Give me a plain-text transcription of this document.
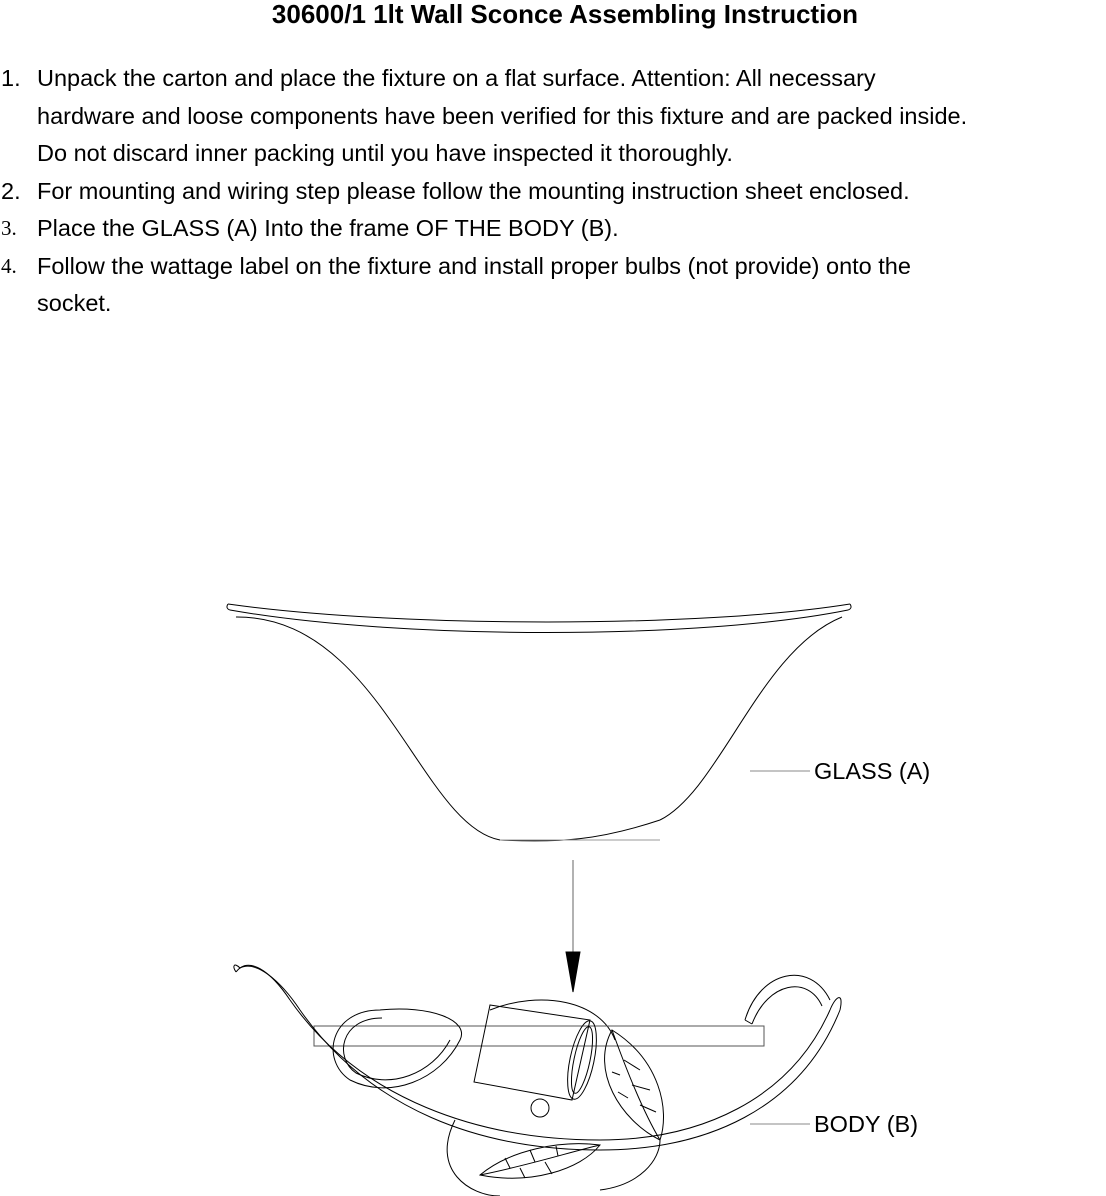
30600/1 1lt Wall Sconce Assembling Instruction
1. Unpack the carton and place the fixture on a flat surface. Attention: All necessary
hardware and loose components have been verified for this fixture and are packed inside.
Do not discard inner packing until you have inspected it thoroughly.
2. For mounting and wiring step please follow the mounting instruction sheet enclosed.
3. Place the GLASS (A) Into the frame OF THE BODY (B).
4. Follow the wattage label on the fixture and install proper bulbs (not provide) onto the
socket.
GLASS (A)
BODY (B)
